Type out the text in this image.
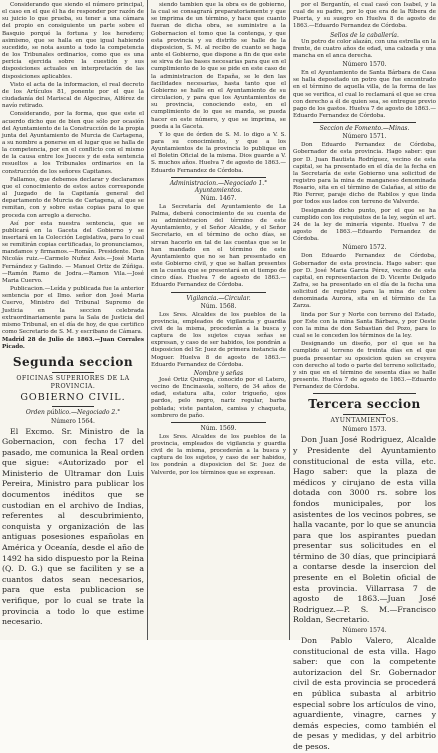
Considerando que siendo el número principal, el caso en el que él ha de responder por razón de su juicio lo que prueba, su tener a una cámara del propio en consiguiente un parte sobre el Basquio porqué la fortuna y los heredero; asimismo, que se halla en que igual habiendo sucedido, se nota asunto a todo la competencia de los Tribunales ordinarios, como que es una pericia ejercida sobre la cuestión y sus disposiciones actuales en interpretación de las disposiciones aplicables.

Visto el acta de la informacion, el real decreto de los Artículos 81, ponente por el que la ciudadanía del Mariscal de Algeciras, Alférez de navío retirado.

Considerando, por la forma, que que este el acuerdo dicho que de bien que sólo por ocasión del Ayuntamiento de la Construcción de la propia junta del Ayuntamiento de Murcia de Cartagena, a su nombre a ponerse en el lugar que se halla de la competencia, por en el conflicto con el mismo de la causa entre los Jueces y de esta sentencia resueltos a los Tribunales ordinarios en la construcción de los señores Capitanes.

Fallamos, que debemos declarar y declaramos que el conocimiento de estos autos corresponde al Juzgado de la Capitanía general del departamento de Murcia de Cartagena, al que se remitan, con y sobre estas copias para lo que proceda con arreglo a derecho.

Así por esta nuestra sentencia, que se publicará en la Gaceta del Gobierno y se insertará en la Colección Legislativa, para lo cual se remitirán copias certificadas, lo pronunciamos, mandamos y firmamos.—Román. Presidente. Don Nicolás ruiz.—Carmelo Nuñez Asis.—José Maria Fernández y Galindo. — Manuel Ortiz de Zúñiga.—Ramón Ramo de Jodra.—Ramon Vila.—José Maria Cuervo.

Publicacion.—Leída y publicada fue la anterior sentencia por el Ilmo. señor don José Maria Cuervo, Ministro del Tribunal Supremo de Justicia en la seccion celebrada extraordinariamente para la Sala de Justicia del mismo Tribunal, en el día de hoy, de que certifico como Secretario de S. M. y escribano de Cámara.

Madrid 28 de Julio de 1863.—Juan Corrales Picado.

Segunda seccion
OFICINAS SUPERIORES DE LA PROVINCIA.
GOBIERNO CIVIL.
Orden público.—Negociado 2.°
Número 1564.

El Excmo. Sr. Ministro de la Gobernacion, con fecha 17 del pasado, me comunica la Real orden que sigue: «Autorizado por el Ministerio de Ultramar don Luis Pereira, Ministro para publicar los documentos inéditos que se custodian en el archivo de Indias, referentes al descubrimiento, conquista y organización de las antiguas posesiones españolas en América y Oceanía, desde el año de 1492 ha sido dispuesto por la Reina (Q. D. G.) que se faciliten y se a cuantos datos sean necesarios, para que esta publicacion se verifique, por lo cual se trate la provincia a todo lo que estime necesario.

siendo tambien que la obra es de gobierno, la cual se consagrará preparatoriamente y que se imprima de un término, y hace que cuanto fueran de dicha obra, se suministre a la Gobernacion el tomo que la contenga, y que esta provincia y su distrito se halle de la disposicion, S. M. al recibo de cuanto se haga ante el Gobierno, que dispone a fin de que este se sirva de las bases necesarias para que en el cumplimiento de lo que se pide en este caso de la administracion de España, se le den las facilidades necesarias, hasta tanto que el Gobierno se halle en el Ayuntamiento de su circulacion, y para que los Ayuntamientos de su provincia, conociendo esto, en el cumplimiento de lo que se manda, se pueda hacer en este número, y que se imprima, se pueda a la Gaceta.

Y lo que de órden de S. M. lo digo a V. S. para su conocimiento, y que a los Ayuntamientos de la provincia lo publique en el Boletin Oficial de la misma. Dios guarde a V. S. muchos años. Huelva 7 de agosto de 1863.—Eduardo Fernandez de Córdoba.

Administracion.—Negociado 1.° Ayuntamientos.
Núm. 1467.

La Secretaría del Ayuntamiento de La Palma, deberá conocimiento de su cuenta de su administracion del término de este Ayuntamiento, y el Señor Alcalde, y el Señor Secretario, en el término de ocho días, se sirvan hacerlo en tal de las cuentas que se le han mandado en el término de este Ayuntamiento que no se han presentado en este Gobierno civil, y que se hallan presentes en la cuenta que se presentará en el tiempo de cinco días. Huelva 7 de agosto de 1863.—Eduardo Fernandez de Córdoba.

Vigilancia.—Circular.
Núm. 1568.

Los Sres. Alcaldes de los pueblos de la provincia, empleados de vigilancia y guardia civil de la misma, procederán a la busca y captura de los sujetos cuyas señas se expresan, y caso de ser habidos, los pondrán a disposicion del Sr. Juez de primera instancia de Moguer. Huelva 8 de agosto de 1863.—Eduardo Fernandez de Córdoba.

Nombre y señas

José Ortiz Quiroga, conocido por el Latero, vecino de Encinasola, soltero, de 34 años de edad, estatura alta, color trigueño, ojos pardos, pelo negro, nariz regular, barba poblada; viste pantalon, camisa y chaqueta, sombrero de paño.

Núm. 1569.

Los Sres. Alcaldes de los pueblos de la provincia, empleados de vigilancia y guardia civil de la misma, procederán a la busca y captura de los sujetos, y caso de ser habidos, los pondrán a disposicion del Sr. Juez de Valverde, por los términos que se expresan.

por el Bergantín, el cual casó con Isabel, y la cual de su padre, por lo que era de la Ribera de Puerta, y su suegro en Huelva 8 de agosto de 1863.—Eduardo Fernandez de Córdoba.

Sellos de la caballería.

Un potro de color alazán, con una estrella en la frente, de cuatro años de edad, una calzada y una mancha en el anca derecha.

Número 1570.

En el Ayuntamiento de Santa Bárbara de Casa se halla depositado un potro que fue encontrado en el término de aquella villa, de la forma de las que se verifica, el cual lo reclamará el que se crea con derecho a él de quien sea, se entregue previo pago de los gastos. Huelva 7 de agosto de 1863.—Eduardo Fernandez de Córdoba.

Seccion de Fomento.—Minas.
Número 1571.

Don Eduardo Fernandez de Córdoba, Gobernador de esta provincia. Hago saber: que por D. Juan Bautista Rodríguez, vecino de esta capital, se ha presentado en el día de la fecha en la Secretaría de este Gobierno una solicitud de registro para la mina de manganeso denominada Rosario, sita en el término de Calañas, al sitio de Rio Ferrer, paraje dicho de Rabilos y que linda por todos sus lados con terreno de Valverde.

Designando dicho punto, por el que se ha cumplido con los requisitos de la ley, según el art. 24 de la ley de minería vigente. Huelva 7 de agosto de 1863.—Eduardo Fernandez de Córdoba.

Número 1572.

Don Eduardo Fernandez de Córdoba, Gobernador de esta provincia. Hago saber: que por D. José Maria Garcia Pérez, vecino de esta capital, en representacion de D. Vicente Delgado Zafra, se ha presentado en el día de la fecha una solicitud de registro para la mina de cobre denominada Aurora, sita en el término de La Zarza.

linda por Sur y Norte con terreno del Estado, por Este con la mina Santa Bárbara, y por Oeste con la mina de don Sebastian del Pozo, para lo cual se le conceden los términos de la ley.

Designando un diseño, por el que se ha cumplido al terreno de treinta días en el que pueda presentar su oposicion quien se creyera con derecho al todo o parte del terreno solicitado, y sin que en el término de sesenta días se halle presente. Huelva 7 de agosto de 1863.—Eduardo Fernandez de Córdoba.

Tercera seccion
AYUNTAMIENTOS.
Número 1573.

Don Juan José Rodriguez, Alcalde y Presidente del Ayuntamiento constitucional de esta villa, etc. Hago saber: que la plaza de médicos y cirujano de esta villa dotada con 3000 rs. sobre los fondos municipales, por los asistentes de los vecinos pobres, se halla vacante, por lo que se anuncia para que los aspirantes puedan presentar sus solicitudes en el término de 30 días, que principiará a contarse desde la insercion del presente en el Boletin oficial de esta provincia. Villarrasa 7 de agosto de 1863.—Juan José Rodriguez.—P. S. M.—Francisco Roldan, Secretario.

Número 1574.

Don Pablo Valero, Alcalde constitucional de esta villa. Hago saber: que con la competente autorizacion del Sr. Gobernador civil de esta provincia se procederá en pública subasta al arbitrio especial sobre los artículos de vino, aguardiente, vinagre, carnes y demás especies, como también el de pesas y medidas, y del arbitrio de pesos.
